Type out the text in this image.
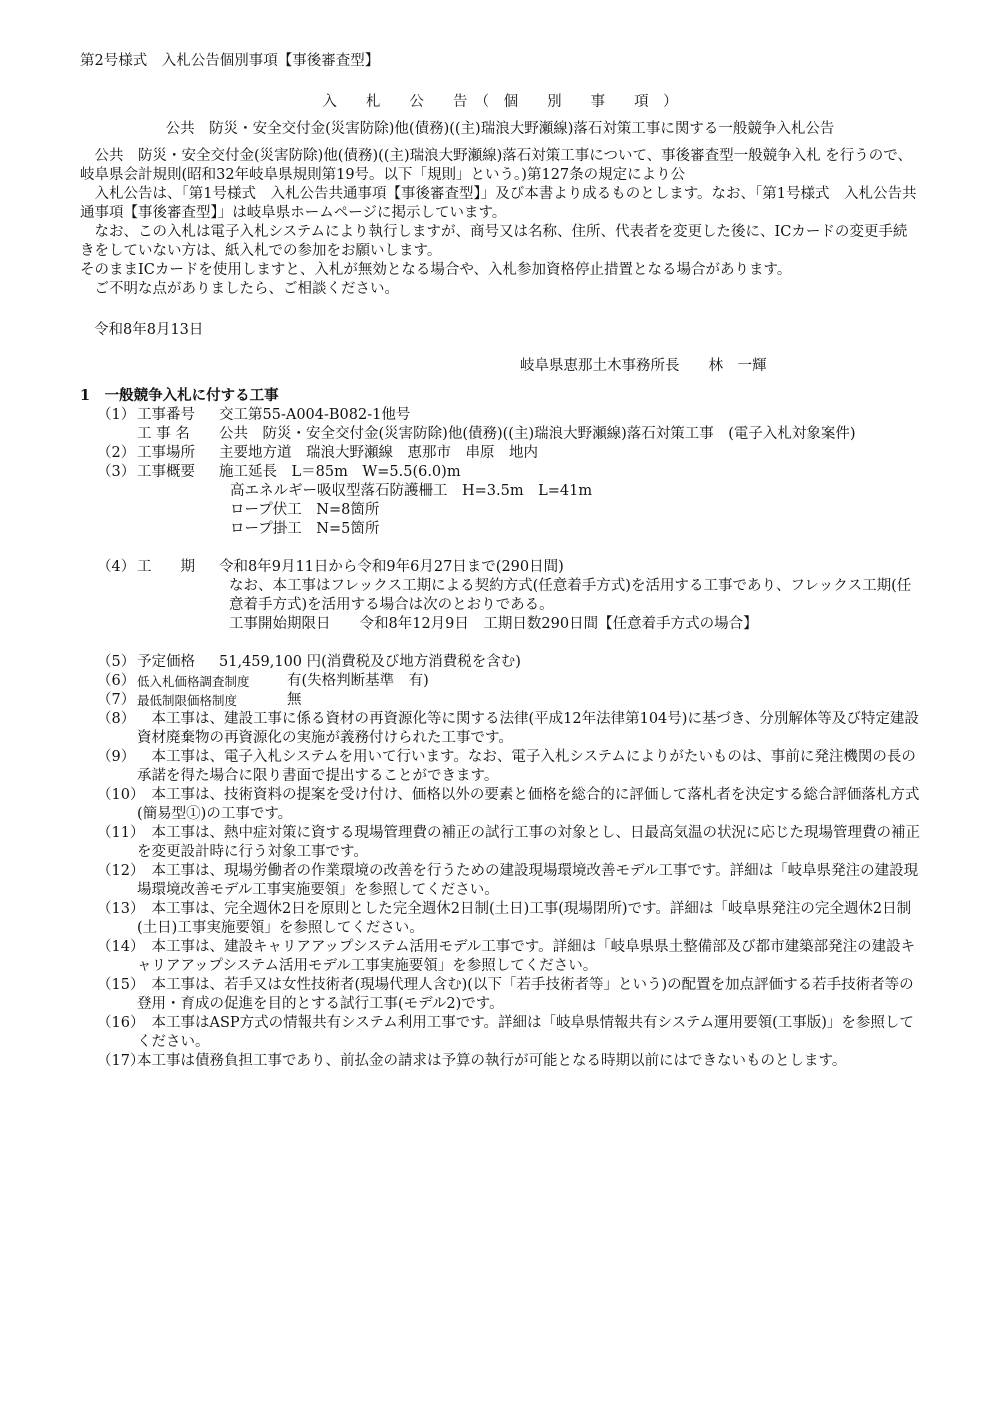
第2号様式　入札公告個別事項【事後審査型】

入　　札　　公　　告　（　個　　別　　事　　項　）
公共　防災・安全交付金(災害防除)他(債務)((主)瑞浪大野瀬線)落石対策工事に関する一般競争入札公告

　公共　防災・安全交付金(災害防除)他(債務)((主)瑞浪大野瀬線)落石対策工事について、事後審査型一般競争入札 を行うので、岐阜県会計規則(昭和32年岐阜県規則第19号。以下「規則」という。)第127条の規定により公

　入札公告は、「第1号様式　入札公告共通事項【事後審査型】」及び本書より成るものとします。なお、「第1号様式　入札公告共通事項【事後審査型】」は岐阜県ホームページに掲示しています。

　なお、この入札は電子入札システムにより執行しますが、商号又は名称、住所、代表者を変更した後に、ICカードの変更手続きをしていない方は、紙入札での参加をお願いします。

そのままICカードを使用しますと、入札が無効となる場合や、入札参加資格停止措置となる場合があります。

　ご不明な点がありましたら、ご相談ください。

令和8年8月13日
岐阜県恵那土木事務所長　　林　一輝
1　一般競争入札に付する工事
（1） 工事番号	交工第55-A004-B082-1他号
工 事 名	公共　防災・安全交付金(災害防除)他(債務)((主)瑞浪大野瀬線)落石対策工事　(電子入札対象案件)
（2） 工事場所	主要地方道　瑞浪大野瀬線　恵那市　串原　地内
（3） 工事概要	施工延長　L＝85m　W=5.5(6.0)m
高エネルギー吸収型落石防護柵工　H=3.5m　L=41m
ロープ伏工　N=8箇所
ロープ掛工　N=5箇所
（4） 工　　期	令和8年9月11日から令和9年6月27日まで(290日間)
なお、本工事はフレックス工期による契約方式(任意着手方式)を活用する工事であり、フレックス工期(任意着手方式)を活用する場合は次のとおりである。
工事開始期限日　　令和8年12月9日　工期日数290日間【任意着手方式の場合】
（5） 予定価格	51,459,100 円(消費税及び地方消費税を含む)
（6） 低入札価格調査制度	有(失格判断基準　有)
（7） 最低制限価格制度	無
（8） 　本工事は、建設工事に係る資材の再資源化等に関する法律(平成12年法律第104号)に基づき、分別解体等及び特定建設資材廃棄物の再資源化の実施が義務付けられた工事です。
（9） 　本工事は、電子入札システムを用いて行います。なお、電子入札システムによりがたいものは、事前に発注機関の長の承諾を得た場合に限り書面で提出することができます。
（10）
　本工事は、技術資料の提案を受け付け、価格以外の要素と価格を総合的に評価して落札者を決定する総合評価落札方式(簡易型①)の工事です。
（11）
　本工事は、熱中症対策に資する現場管理費の補正の試行工事の対象とし、日最高気温の状況に応じた現場管理費の補正を変更設計時に行う対象工事です。
（12）
　本工事は、現場労働者の作業環境の改善を行うための建設現場環境改善モデル工事です。詳細は「岐阜県発注の建設現場環境改善モデル工事実施要領」を参照してください。
（13）
　本工事は、完全週休2日を原則とした完全週休2日制(土日)工事(現場閉所)です。詳細は「岐阜県発注の完全週休2日制(土日)工事実施要領」を参照してください。
（14）
　本工事は、建設キャリアアップシステム活用モデル工事です。詳細は「岐阜県県土整備部及び都市建築部発注の建設キャリアアップシステム活用モデル工事実施要領」を参照してください。
（15）
　本工事は、若手又は女性技術者(現場代理人含む)(以下「若手技術者等」という)の配置を加点評価する若手技術者等の登用・育成の促進を目的とする試行工事(モデル2)です。
（16）
　本工事はASP方式の情報共有システム利用工事です。詳細は「岐阜県情報共有システム運用要領(工事版)」を参照してください。
（17）
本工事は債務負担工事であり、前払金の請求は予算の執行が可能となる時期以前にはできないものとします。
